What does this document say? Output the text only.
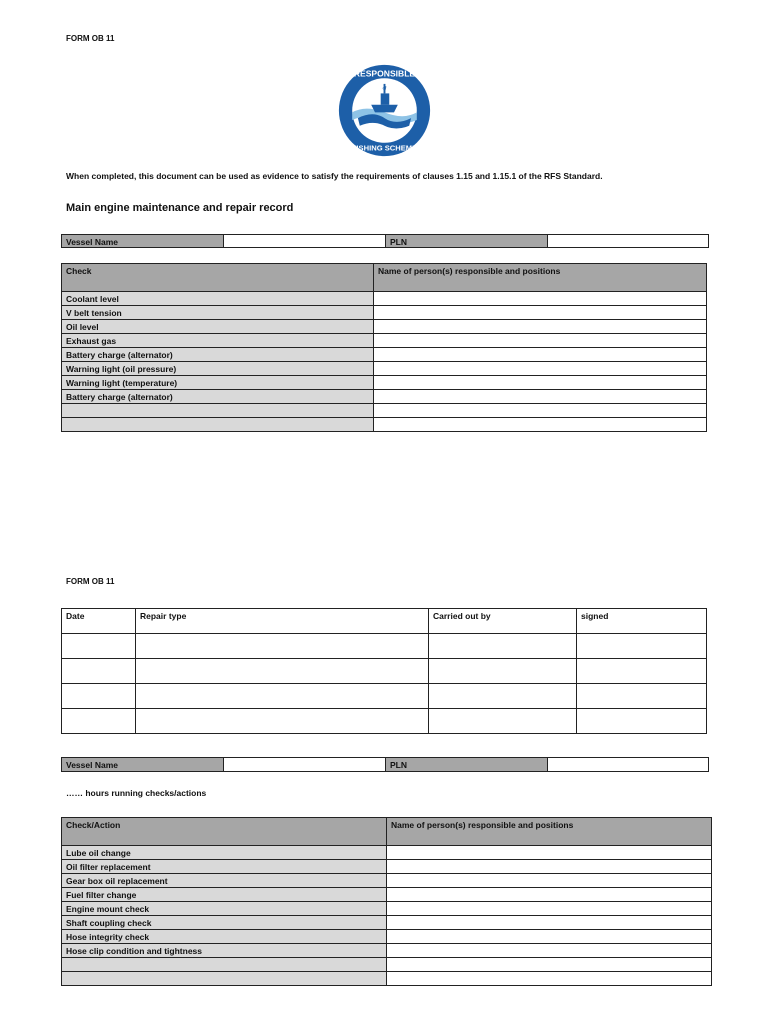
FORM OB 11
RESPONSIBLE
of
FISHING SCHEME
When completed, this document can be used as evidence to satisfy the requirements of clauses 1.15 and 1.15.1 of the RFS Standard.
Main engine maintenance and repair record
Vessel Name		PLN	
Check	Name of person(s) responsible and positions
Coolant level	
V belt tension	
Oil level	
Exhaust gas	
Battery charge (alternator)	
Warning light (oil pressure)	
Warning light (temperature)	
Battery charge (alternator)	

FORM OB 11
Date	Repair type	Carried out by	signed

Vessel Name		PLN	
…… hours running checks/actions
Check/Action	Name of person(s) responsible and positions
Lube oil change	
Oil filter replacement	
Gear box oil replacement	
Fuel filter change	
Engine mount check	
Shaft coupling check	
Hose integrity check	
Hose clip condition and tightness	
